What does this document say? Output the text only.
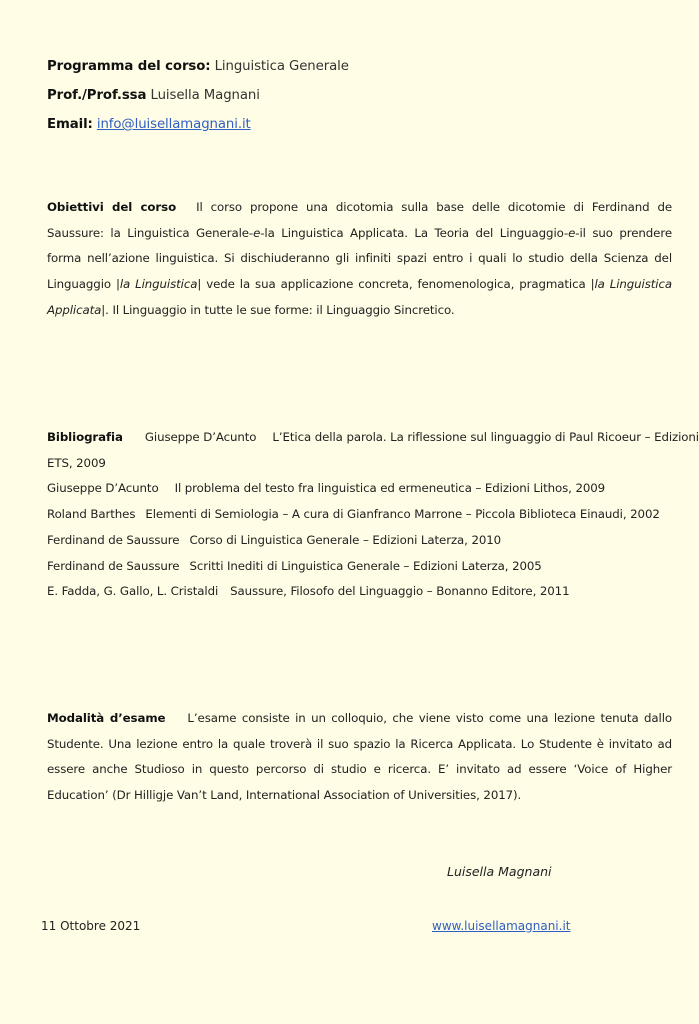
Programma del corso: Linguistica Generale
Prof./Prof.ssa Luisella Magnani
Email: info@luisellamagnani.it
Obiettivi del corso Il corso propone una dicotomia sulla base delle dicotomie di Ferdinand de Saussure: la Linguistica Generale-e-la Linguistica Applicata. La Teoria del Linguaggio-e-il suo prendere forma nell’azione linguistica. Si dischiuderanno gli infiniti spazi entro i quali lo studio della Scienza del Linguaggio |la Linguistica| vede la sua applicazione concreta, fenomenologica, pragmatica |la Linguistica Applicata|. Il Linguaggio in tutte le sue forme: il Linguaggio Sincretico.
Bibliografia Giuseppe D’Acunto L’Etica della parola. La riflessione sul linguaggio di Paul Ricoeur – Edizioni
ETS, 2009
Giuseppe D’Acunto Il problema del testo fra linguistica ed ermeneutica – Edizioni Lithos, 2009
Roland Barthes Elementi di Semiologia – A cura di Gianfranco Marrone – Piccola Biblioteca Einaudi, 2002
Ferdinand de Saussure Corso di Linguistica Generale – Edizioni Laterza, 2010
Ferdinand de Saussure Scritti Inediti di Linguistica Generale – Edizioni Laterza, 2005
E. Fadda, G. Gallo, L. Cristaldi Saussure, Filosofo del Linguaggio – Bonanno Editore, 2011
Modalità d’esame L’esame consiste in un colloquio, che viene visto come una lezione tenuta dallo Studente. Una lezione entro la quale troverà il suo spazio la Ricerca Applicata. Lo Studente è invitato ad essere anche Studioso in questo percorso di studio e ricerca. E’ invitato ad essere ‘Voice of Higher Education’ (Dr Hilligje Van’t Land, International Association of Universities, 2017).
Luisella Magnani
11 Ottobre 2021	www.luisellamagnani.it
